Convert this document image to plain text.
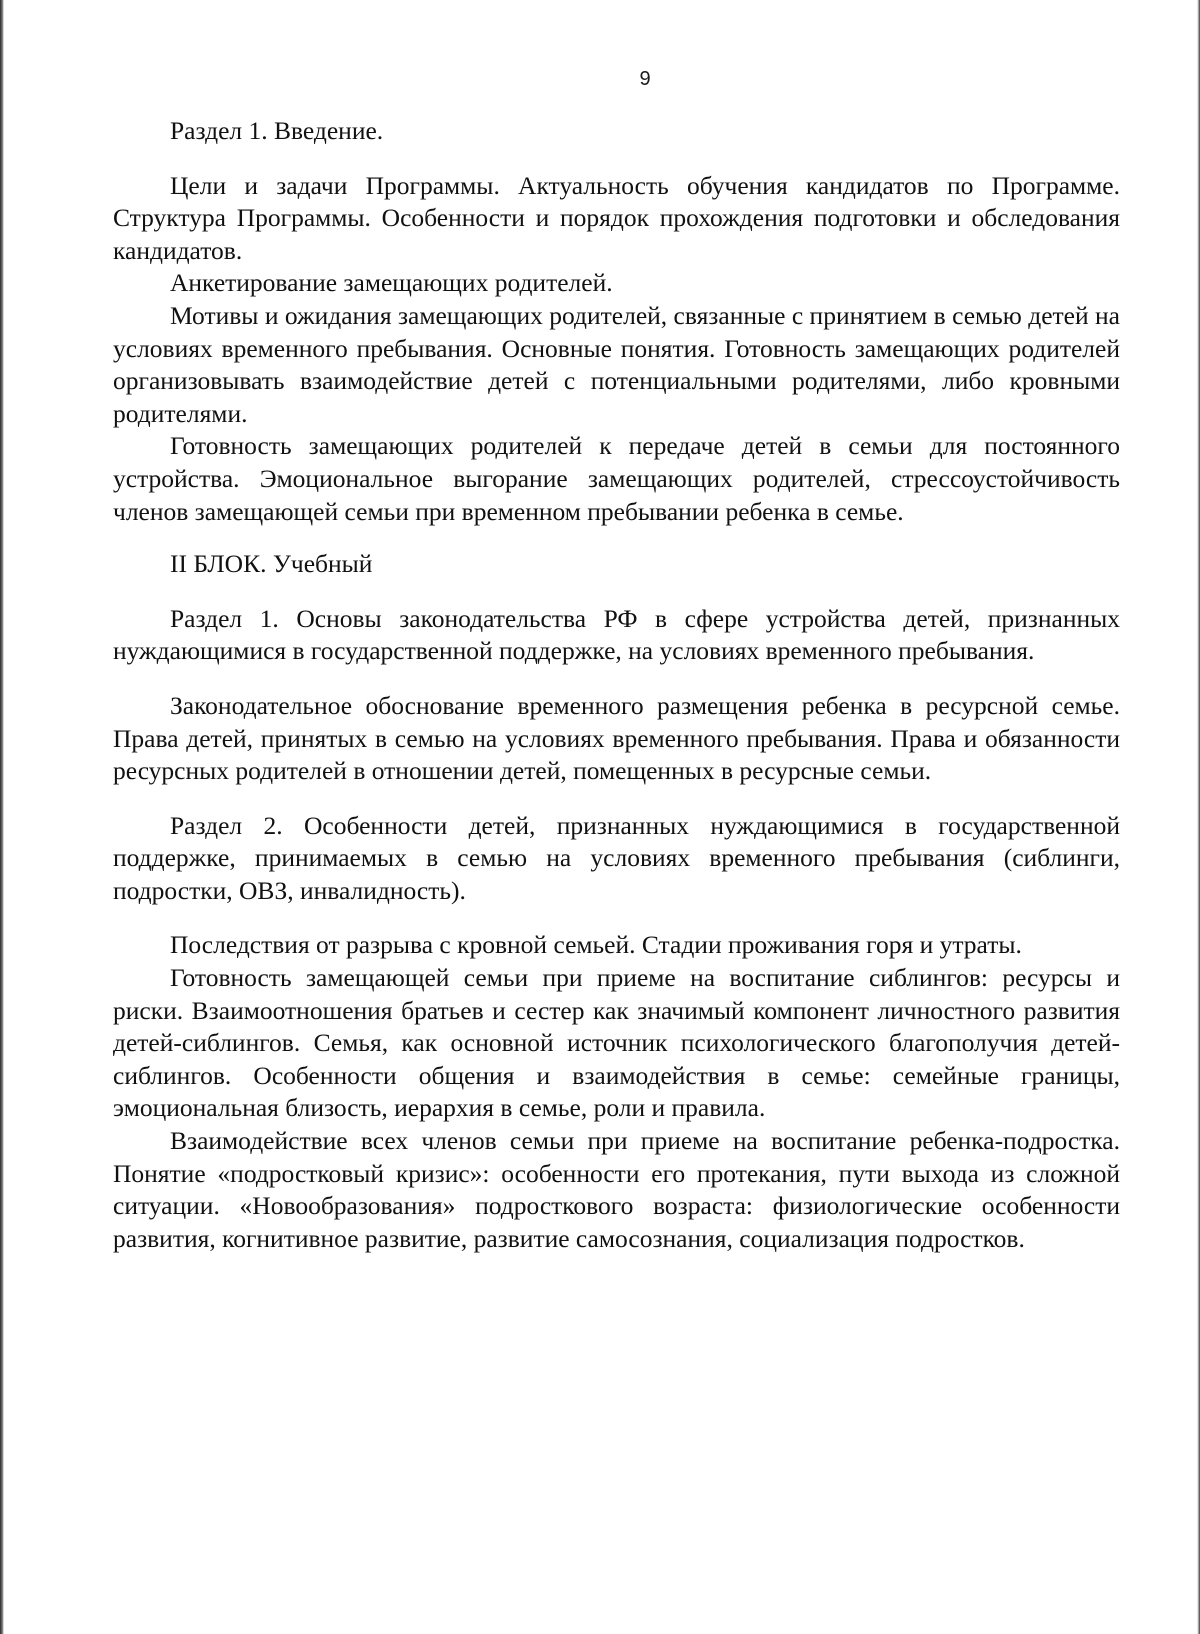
9

Раздел 1. Введение.

Цели и задачи Программы. Актуальность обучения кандидатов по Программе. Структура Программы. Особенности и порядок прохождения подготовки и обследования кандидатов.

Анкетирование замещающих родителей.

Мотивы и ожидания замещающих родителей, связанные с принятием в семью детей на условиях временного пребывания. Основные понятия. Готовность замещающих родителей организовывать взаимодействие детей с потенциальными родителями, либо кровными родителями.

Готовность замещающих родителей к передаче детей в семьи для постоянного устройства. Эмоциональное выгорание замещающих родителей, стрессоустойчивость членов замещающей семьи при временном пребывании ребенка в семье.

II БЛОК. Учебный

Раздел 1. Основы законодательства РФ в сфере устройства детей, признанных нуждающимися в государственной поддержке, на условиях временного пребывания.

Законодательное обоснование временного размещения ребенка в ресурсной семье. Права детей, принятых в семью на условиях временного пребывания. Права и обязанности ресурсных родителей в отношении детей, помещенных в ресурсные семьи.

Раздел 2. Особенности детей, признанных нуждающимися в государственной поддержке, принимаемых в семью на условиях временного пребывания (сиблинги, подростки, ОВЗ, инвалидность).

Последствия от разрыва с кровной семьей. Стадии проживания горя и утраты.

Готовность замещающей семьи при приеме на воспитание сиблингов: ресурсы и риски. Взаимоотношения братьев и сестер как значимый компонент личностного развития детей-сиблингов. Семья, как основной источник психологического благополучия детей-сиблингов. Особенности общения и взаимодействия в семье: семейные границы, эмоциональная близость, иерархия в семье, роли и правила.

Взаимодействие всех членов семьи при приеме на воспитание ребенка-подростка. Понятие «подростковый кризис»: особенности его протекания, пути выхода из сложной ситуации. «Новообразования» подросткового возраста: физиологические особенности развития, когнитивное развитие, развитие самосознания, социализация подростков.
